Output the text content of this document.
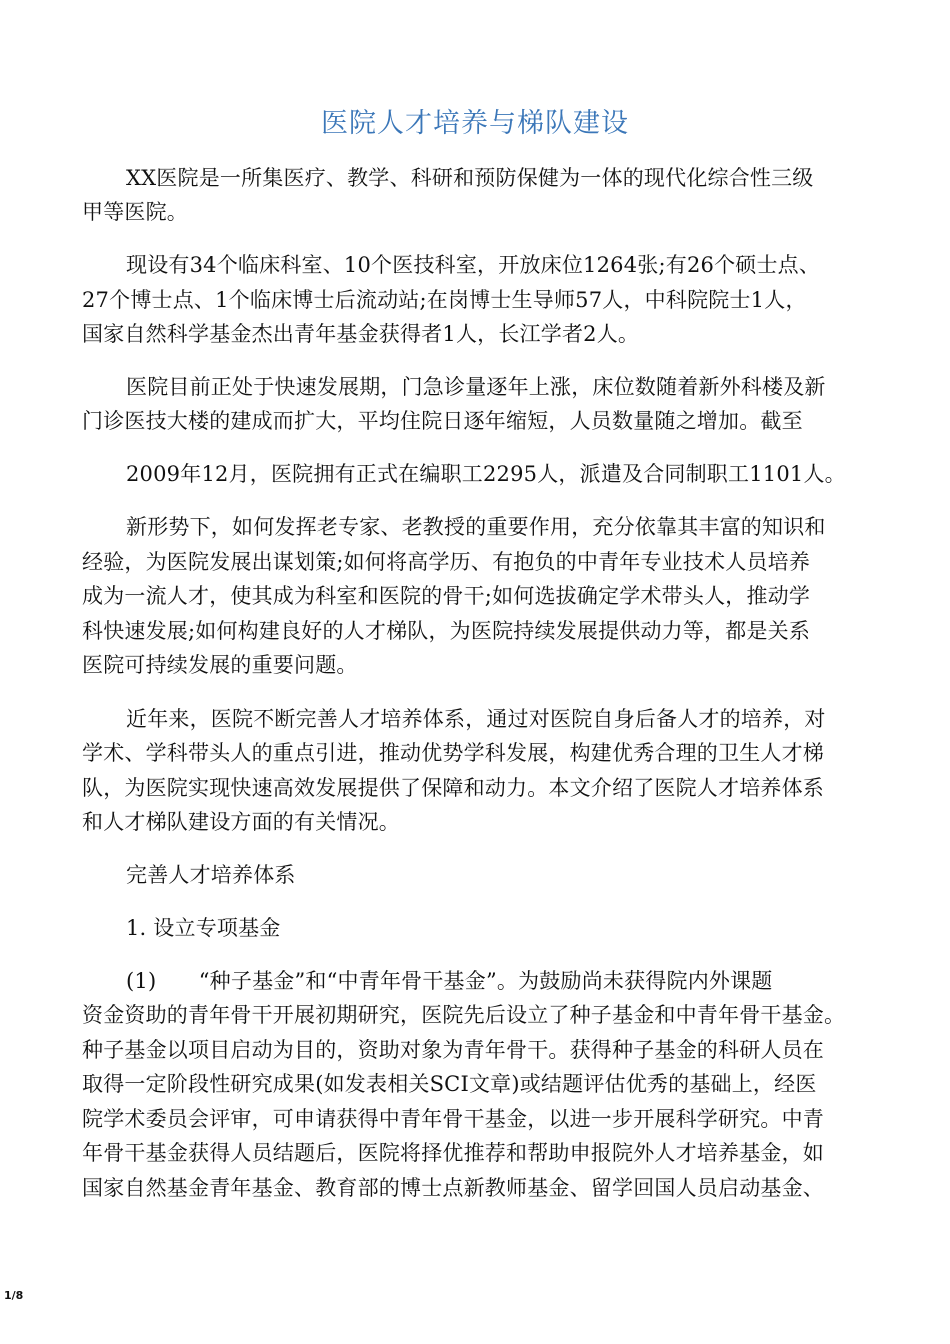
医院人才培养与梯队建设
XX医院是一所集医疗、教学、科研和预防保健为一体的现代化综合性三级
甲等医院。
现设有34个临床科室、10个医技科室，开放床位1264张;有26个硕士点、
27个博士点、1个临床博士后流动站;在岗博士生导师57人，中科院院士1人，
国家自然科学基金杰出青年基金获得者1人，长江学者2人。
医院目前正处于快速发展期，门急诊量逐年上涨，床位数随着新外科楼及新
门诊医技大楼的建成而扩大，平均住院日逐年缩短，人员数量随之增加。截至
2009年12月，医院拥有正式在编职工2295人，派遣及合同制职工1101人。
新形势下，如何发挥老专家、老教授的重要作用，充分依靠其丰富的知识和
经验，为医院发展出谋划策;如何将高学历、有抱负的中青年专业技术人员培养
成为一流人才，使其成为科室和医院的骨干;如何选拔确定学术带头人，推动学
科快速发展;如何构建良好的人才梯队，为医院持续发展提供动力等，都是关系
医院可持续发展的重要问题。
近年来，医院不断完善人才培养体系，通过对医院自身后备人才的培养，对
学术、学科带头人的重点引进，推动优势学科发展，构建优秀合理的卫生人才梯
队，为医院实现快速高效发展提供了保障和动力。本文介绍了医院人才培养体系
和人才梯队建设方面的有关情况。
完善人才培养体系
1. 设立专项基金
(1)　　“种子基金”和“中青年骨干基金”。为鼓励尚未获得院内外课题
资金资助的青年骨干开展初期研究，医院先后设立了种子基金和中青年骨干基金。
种子基金以项目启动为目的，资助对象为青年骨干。获得种子基金的科研人员在
取得一定阶段性研究成果(如发表相关SCI文章)或结题评估优秀的基础上，经医
院学术委员会评审，可申请获得中青年骨干基金，以进一步开展科学研究。中青
年骨干基金获得人员结题后，医院将择优推荐和帮助申报院外人才培养基金，如
国家自然基金青年基金、教育部的博士点新教师基金、留学回国人员启动基金、
1/8
